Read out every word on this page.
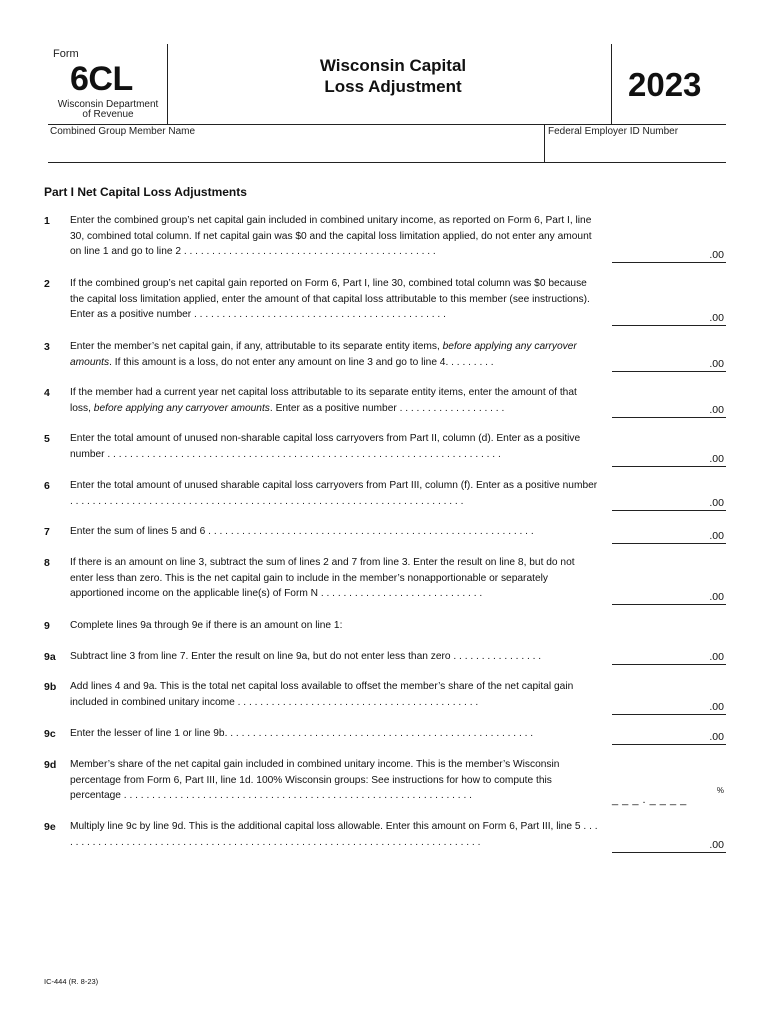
Form
6CL
Wisconsin Department
of Revenue
Wisconsin Capital
Loss Adjustment	2023
Combined Group Member Name	Federal Employer ID Number
Part I Net Capital Loss Adjustments
1 Enter the combined group’s net capital gain included in combined unitary income, as reported on Form 6, Part I, line 30, combined total column. If net capital gain was $0 and the capital loss limitation applied, do not enter any amount on line 1 and go to line 2 . . . . . . . . . . . . . . . . . . . . . . . . . . . . . . . . . . . . . . . . . . . . .	.00
2 If the combined group’s net capital gain reported on Form 6, Part I, line 30, combined total column was $0 because the capital loss limitation applied, enter the amount of that capital loss attributable to this member (see instructions). Enter as a positive number . . . . . . . . . . . . . . . . . . . . . . . . . . . . . . . . . . . . . . . . . . . . .	.00
3 Enter the member’s net capital gain, if any, attributable to its separate entity items, before applying any carryover amounts. If this amount is a loss, do not enter any amount on line 3 and go to line 4. . . . . . . . .	.00
4 If the member had a current year net capital loss attributable to its separate entity items, enter the amount of that loss, before applying any carryover amounts. Enter as a positive number . . . . . . . . . . . . . . . . . . .	.00
5 Enter the total amount of unused non-sharable capital loss carryovers from Part II, column (d). Enter as a positive number . . . . . . . . . . . . . . . . . . . . . . . . . . . . . . . . . . . . . . . . . . . . . . . . . . . . . . . . . . . . . . . . . . . . . .	.00
6 Enter the total amount of unused sharable capital loss carryovers from Part III, column (f). Enter as a positive number . . . . . . . . . . . . . . . . . . . . . . . . . . . . . . . . . . . . . . . . . . . . . . . . . . . . . . . . . . . . . . . . . . . . . .	.00
7 Enter the sum of lines 5 and 6 . . . . . . . . . . . . . . . . . . . . . . . . . . . . . . . . . . . . . . . . . . . . . . . . . . . . . . . . . .	.00
8 If there is an amount on line 3, subtract the sum of lines 2 and 7 from line 3. Enter the result on line 8, but do not enter less than zero. This is the net capital gain to include in the member’s nonapportionable or separately apportioned income on the applicable line(s) of Form N . . . . . . . . . . . . . . . . . . . . . . . . . . . . .	.00
9 Complete lines 9a through 9e if there is an amount on line 1:
9a Subtract line 3 from line 7. Enter the result on line 9a, but do not enter less than zero . . . . . . . . . . . . . . . .	.00
9b Add lines 4 and 9a. This is the total net capital loss available to offset the member’s share of the net capital gain included in combined unitary income . . . . . . . . . . . . . . . . . . . . . . . . . . . . . . . . . . . . . . . . . . .	.00
9c Enter the lesser of line 1 or line 9b. . . . . . . . . . . . . . . . . . . . . . . . . . . . . . . . . . . . . . . . . . . . . . . . . . . . . . .	.00
9d Member’s share of the net capital gain included in combined unitary income. This is the member’s Wisconsin percentage from Form 6, Part III, line 1d. 100% Wisconsin groups: See instructions for how to compute this percentage . . . . . . . . . . . . . . . . . . . . . . . . . . . . . . . . . . . . . . . . . . . . . . . . . . . . . . . . . . . . . .	_ _ _ . _ _ _ _
%
9e Multiply line 9c by line 9d. This is the additional capital loss allowable. Enter this amount on Form 6, Part III, line 5 . . . . . . . . . . . . . . . . . . . . . . . . . . . . . . . . . . . . . . . . . . . . . . . . . . . . . . . . . . . . . . . . . . . . . . . . . . . .	.00
IC-444 (R. 8-23)
